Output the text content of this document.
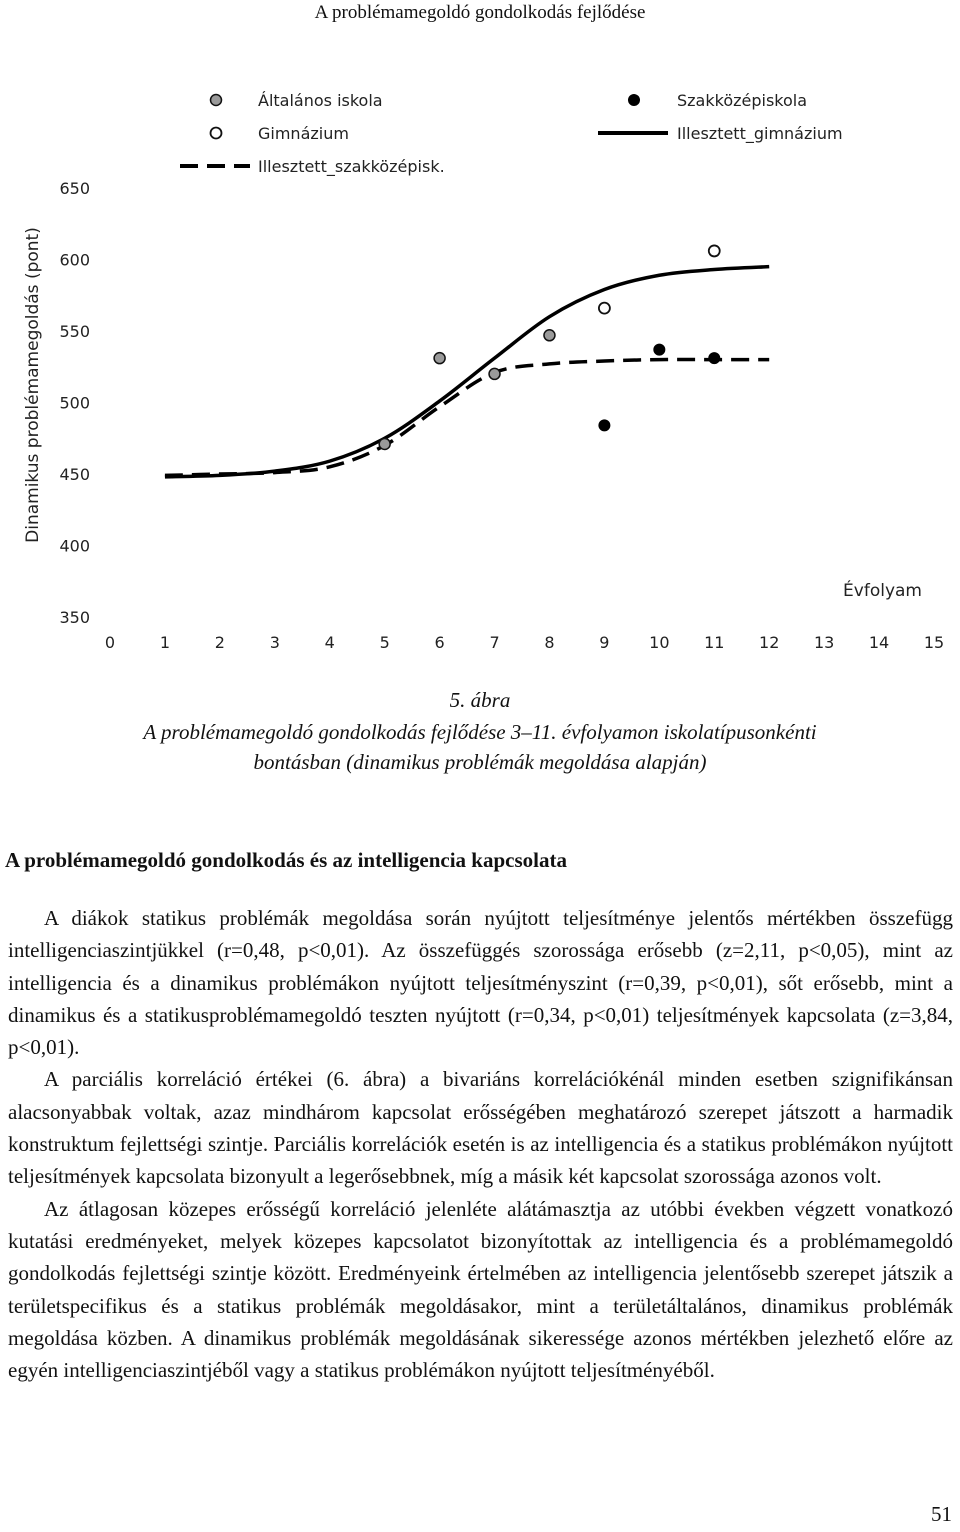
A problémamegoldó gondolkodás fejlődése
Általános iskola	Szakközépiskola
Gimnázium	Illesztett_gimnázium
Illesztett_szakközépisk.
350
400
450
500
550
600
650
0	1	2	3	4	5	6	7	8	9 10 11 12 13 14 15
Dinamikus problémamegoldás (pont)
Évfolyam
5. ábra
A problémamegoldó gondolkodás fejlődése 3–11. évfolyamon iskolatípusonkénti
bontásban (dinamikus problémák megoldása alapján)
A problémamegoldó gondolkodás és az intelligencia kapcsolata

A diákok statikus problémák megoldása során nyújtott teljesítménye jelentős mértékben összefügg intelligenciaszintjükkel (r=0,48, p<0,01). Az összefüggés szorossága erősebb (z=2,11, p<0,05), mint az intelligencia és a dinamikus problémákon nyújtott teljesítményszint (r=0,39, p<0,01), sőt erősebb, mint a dinamikus és a statikusproblémamegoldó teszten nyújtott (r=0,34, p<0,01) teljesítmények kapcsolata (z=3,84, p<0,01).

A parciális korreláció értékei (6. ábra) a bivariáns korrelációkénál minden esetben szignifikánsan alacsonyabbak voltak, azaz mindhárom kapcsolat erősségében meghatározó szerepet játszott a harmadik konstruktum fejlettségi szintje. Parciális korrelációk esetén is az intelligencia és a statikus problémákon nyújtott teljesítmények kapcsolata bizonyult a legerősebbnek, míg a másik két kapcsolat szorossága azonos volt.

Az átlagosan közepes erősségű korreláció jelenléte alátámasztja az utóbbi években végzett vonatkozó kutatási eredményeket, melyek közepes kapcsolatot bizonyítottak az intelligencia és a problémamegoldó gondolkodás fejlettségi szintje között. Eredményeink értelmében az intelligencia jelentősebb szerepet játszik a területspecifikus és a statikus problémák megoldásakor, mint a területáltalános, dinamikus problémák megoldása közben. A dinamikus problémák megoldásának sikeressége azonos mértékben jelezhető előre az egyén intelligenciaszintjéből vagy a statikus problémákon nyújtott teljesítményéből.

51
